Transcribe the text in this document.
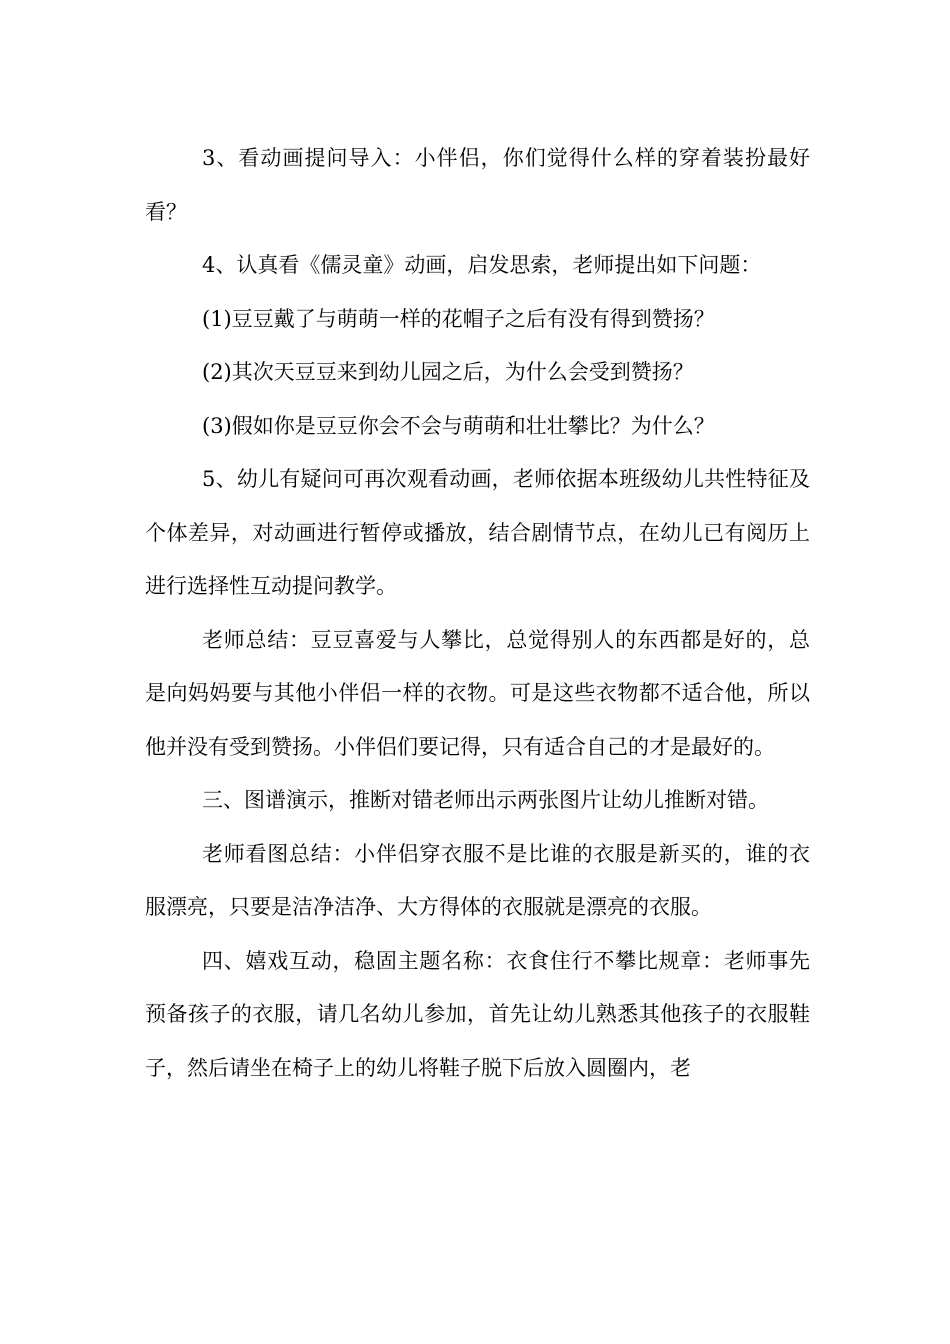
3、看动画提问导入：小伴侣，你们觉得什么样的穿着装扮最好看？

4、认真看《儒灵童》动画，启发思索，老师提出如下问题：

(1)豆豆戴了与萌萌一样的花帽子之后有没有得到赞扬？

(2)其次天豆豆来到幼儿园之后，为什么会受到赞扬？

(3)假如你是豆豆你会不会与萌萌和壮壮攀比？为什么？

5、幼儿有疑问可再次观看动画，老师依据本班级幼儿共性特征及个体差异，对动画进行暂停或播放，结合剧情节点，在幼儿已有阅历上进行选择性互动提问教学。

老师总结：豆豆喜爱与人攀比，总觉得别人的东西都是好的，总是向妈妈要与其他小伴侣一样的衣物。可是这些衣物都不适合他，所以他并没有受到赞扬。小伴侣们要记得，只有适合自己的才是最好的。

三、图谱演示，推断对错老师出示两张图片让幼儿推断对错。

老师看图总结：小伴侣穿衣服不是比谁的衣服是新买的，谁的衣服漂亮，只要是洁净洁净、大方得体的衣服就是漂亮的衣服。

四、嬉戏互动，稳固主题名称：衣食住行不攀比规章：老师事先预备孩子的衣服，请几名幼儿参加，首先让幼儿熟悉其他孩子的衣服鞋子，然后请坐在椅子上的幼儿将鞋子脱下后放入圆圈内，老
